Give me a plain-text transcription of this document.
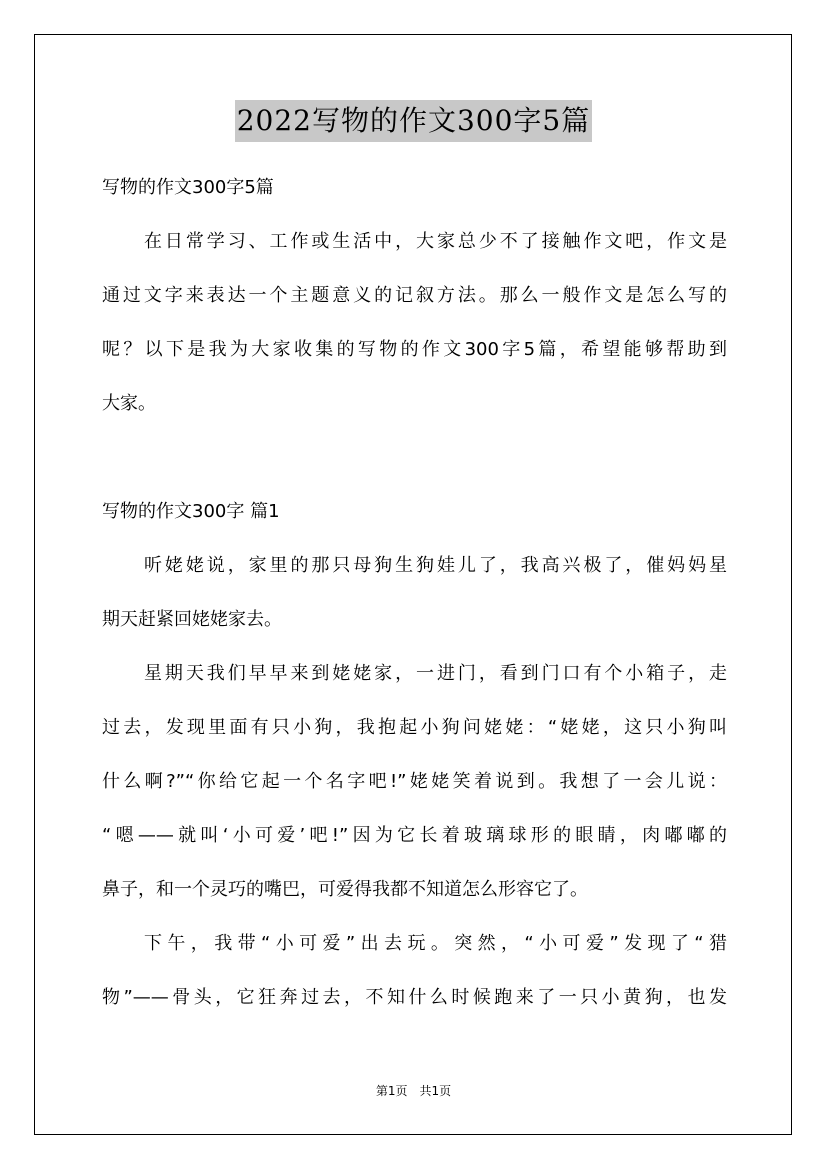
2022写物的作文300字5篇
写物的作文300字5篇
在日常学习、工作或生活中，大家总少不了接触作文吧，作文是
通过文字来表达一个主题意义的记叙方法。那么一般作文是怎么写的
呢？以下是我为大家收集的写物的作文300字5篇，希望能够帮助到
大家。
写物的作文300字 篇1
听姥姥说，家里的那只母狗生狗娃儿了，我高兴极了，催妈妈星
期天赶紧回姥姥家去。
星期天我们早早来到姥姥家，一进门，看到门口有个小箱子，走
过去，发现里面有只小狗，我抱起小狗问姥姥：“姥姥，这只小狗叫
什么啊?”“你给它起一个名字吧!”姥姥笑着说到。我想了一会儿说：
“嗯——就叫‘小可爱’吧!”因为它长着玻璃球形的眼睛，肉嘟嘟的
鼻子，和一个灵巧的嘴巴，可爱得我都不知道怎么形容它了。
下午，我带“小可爱”出去玩。突然，“小可爱”发现了“猎
物”——骨头，它狂奔过去，不知什么时候跑来了一只小黄狗，也发
第1页　共1页
